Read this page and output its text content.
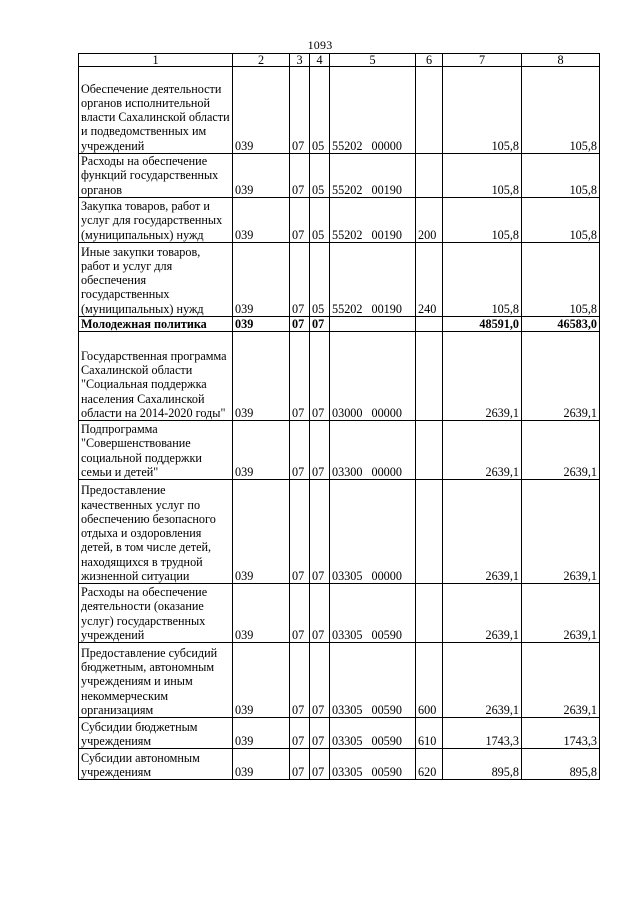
1093
1	2	3	4	5	6	7	8
Обеспечение деятельности органов исполнительной власти Сахалинской области и подведомственных им учреждений	039	07	05	55202 00000		105,8	105,8
Расходы на обеспечение функций государственных органов	039	07	05	55202 00190		105,8	105,8
Закупка товаров, работ и услуг для государственных (муниципальных) нужд	039	07	05	55202 00190	200	105,8	105,8
Иные закупки товаров, работ и услуг для обеспечения государственных (муниципальных) нужд	039	07	05	55202 00190	240	105,8	105,8
Молодежная политика	039	07	07			48591,0	46583,0
Государственная программа Сахалинской области "Социальная поддержка населения Сахалинской области на 2014-2020 годы"	039	07	07	03000 00000		2639,1	2639,1
Подпрограмма "Совершенствование социальной поддержки семьи и детей"	039	07	07	03300 00000		2639,1	2639,1
Предоставление качественных услуг по обеспечению безопасного отдыха и оздоровления детей, в том числе детей, находящихся в трудной жизненной ситуации	039	07	07	03305 00000		2639,1	2639,1
Расходы на обеспечение деятельности (оказание услуг) государственных учреждений	039	07	07	03305 00590		2639,1	2639,1
Предоставление субсидий бюджетным, автономным учреждениям и иным некоммерческим организациям	039	07	07	03305 00590	600	2639,1	2639,1
Субсидии бюджетным учреждениям	039	07	07	03305 00590	610	1743,3	1743,3
Субсидии автономным учреждениям	039	07	07	03305 00590	620	895,8	895,8
